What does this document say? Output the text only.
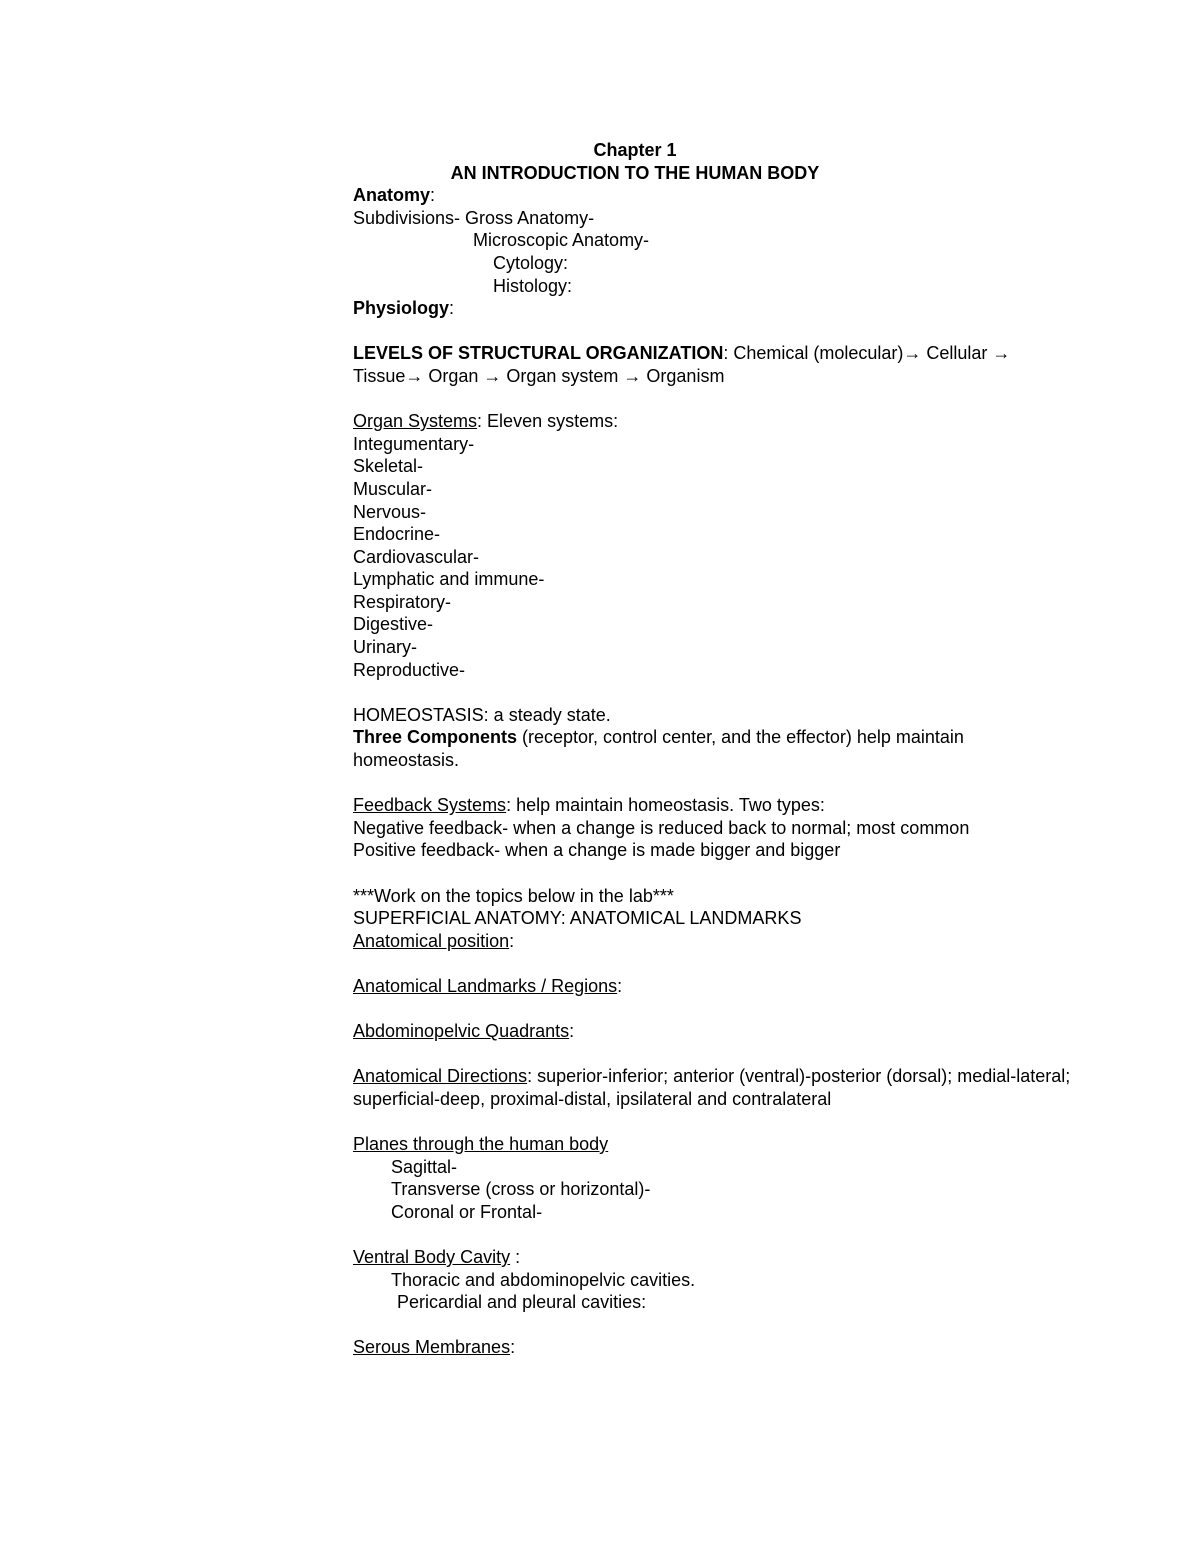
Chapter 1
AN INTRODUCTION TO THE HUMAN BODY
Anatomy:
Subdivisions- Gross Anatomy-
Microscopic Anatomy-
Cytology:
Histology:
Physiology:
LEVELS OF STRUCTURAL ORGANIZATION: Chemical (molecular)→ Cellular → Tissue→ Organ → Organ system → Organism
Organ Systems: Eleven systems:
Integumentary-
Skeletal-
Muscular-
Nervous-
Endocrine-
Cardiovascular-
Lymphatic and immune-
Respiratory-
Digestive-
Urinary-
Reproductive-
HOMEOSTASIS: a steady state.
Three Components (receptor, control center, and the effector) help maintain homeostasis.
Feedback Systems: help maintain homeostasis. Two types:
Negative feedback- when a change is reduced back to normal; most common
Positive feedback- when a change is made bigger and bigger
***Work on the topics below in the lab***
SUPERFICIAL ANATOMY: ANATOMICAL LANDMARKS
Anatomical position:
Anatomical Landmarks / Regions:
Abdominopelvic Quadrants:
Anatomical Directions: superior-inferior; anterior (ventral)-posterior (dorsal); medial-lateral; superficial-deep, proximal-distal, ipsilateral and contralateral
Planes through the human body
Sagittal-
Transverse (cross or horizontal)-
Coronal or Frontal-
Ventral Body Cavity :
Thoracic and abdominopelvic cavities.
Pericardial and pleural cavities:
Serous Membranes:
